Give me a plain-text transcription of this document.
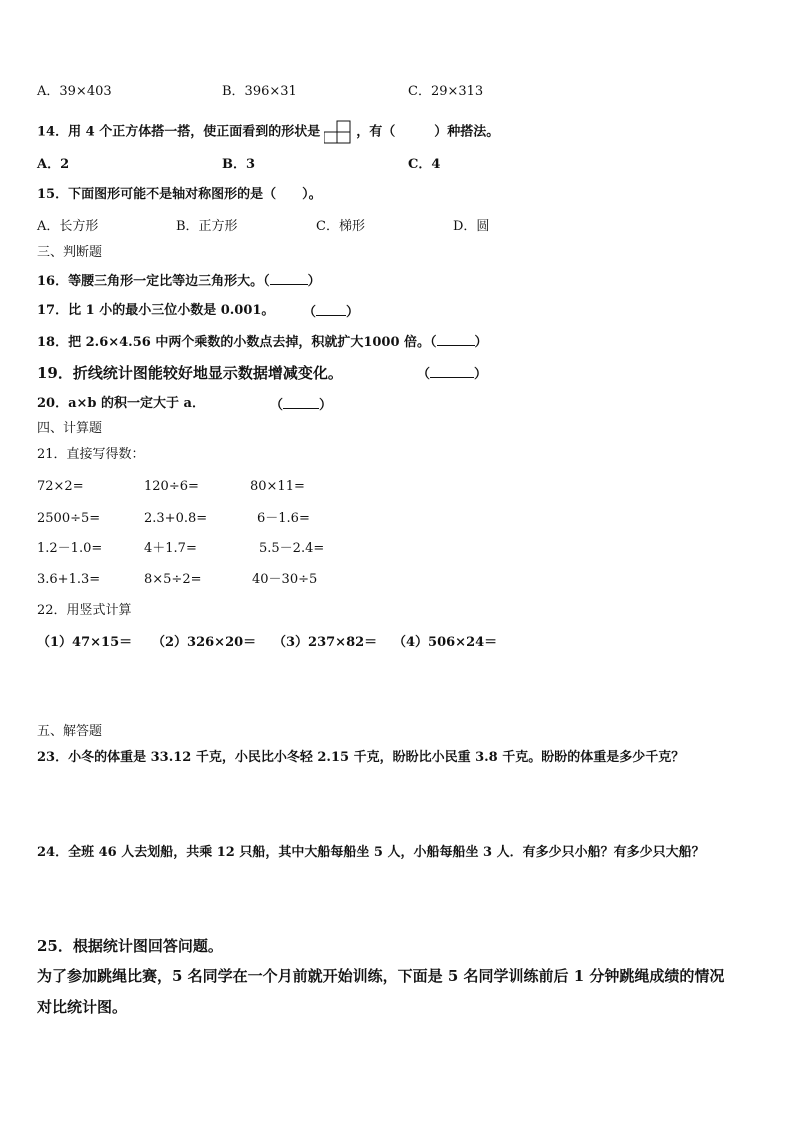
A．39×403	B．396×31	C．29×313
14．用 4 个正方体搭一搭，使正面看到的形状是	，有（　　　）种搭法。
A．2	B．3	C．4
15．下面图形可能不是轴对称图形的是（　　）。
A．长方形	B．正方形	C．梯形	D．圆
三、判断题
16．等腰三角形一定比等边三角形大。（	）
17．比 1 小的最小三位小数是 0.001。 （ ）
18．把 2.6×4.56 中两个乘数的小数点去掉，积就扩大1000 倍。（	）
19．折线统计图能较好地显示数据增减变化。	（	）
20．a×b 的积一定大于 a．	（	）
四、计算题
21．直接写得数：
72×2=	120÷6=	80×11=
2500÷5=	2.3+0.8=	6－1.6=
1.2－1.0=	4＋1.7=	5.5－2.4=
3.6+1.3=	8×5÷2=	40－30÷5
22．用竖式计算
（1）47×15＝ （2）326×20＝ （3）237×82＝ （4）506×24＝
五、解答题
23．小冬的体重是 33.12 千克，小民比小冬轻 2.15 千克，盼盼比小民重 3.8 千克。盼盼的体重是多少千克？
24．全班 46 人去划船，共乘 12 只船，其中大船每船坐 5 人，小船每船坐 3 人．有多少只小船？有多少只大船？
25．根据统计图回答问题。
为了参加跳绳比赛，5 名同学在一个月前就开始训练，下面是 5 名同学训练前后 1 分钟跳绳成绩的情况
对比统计图。
